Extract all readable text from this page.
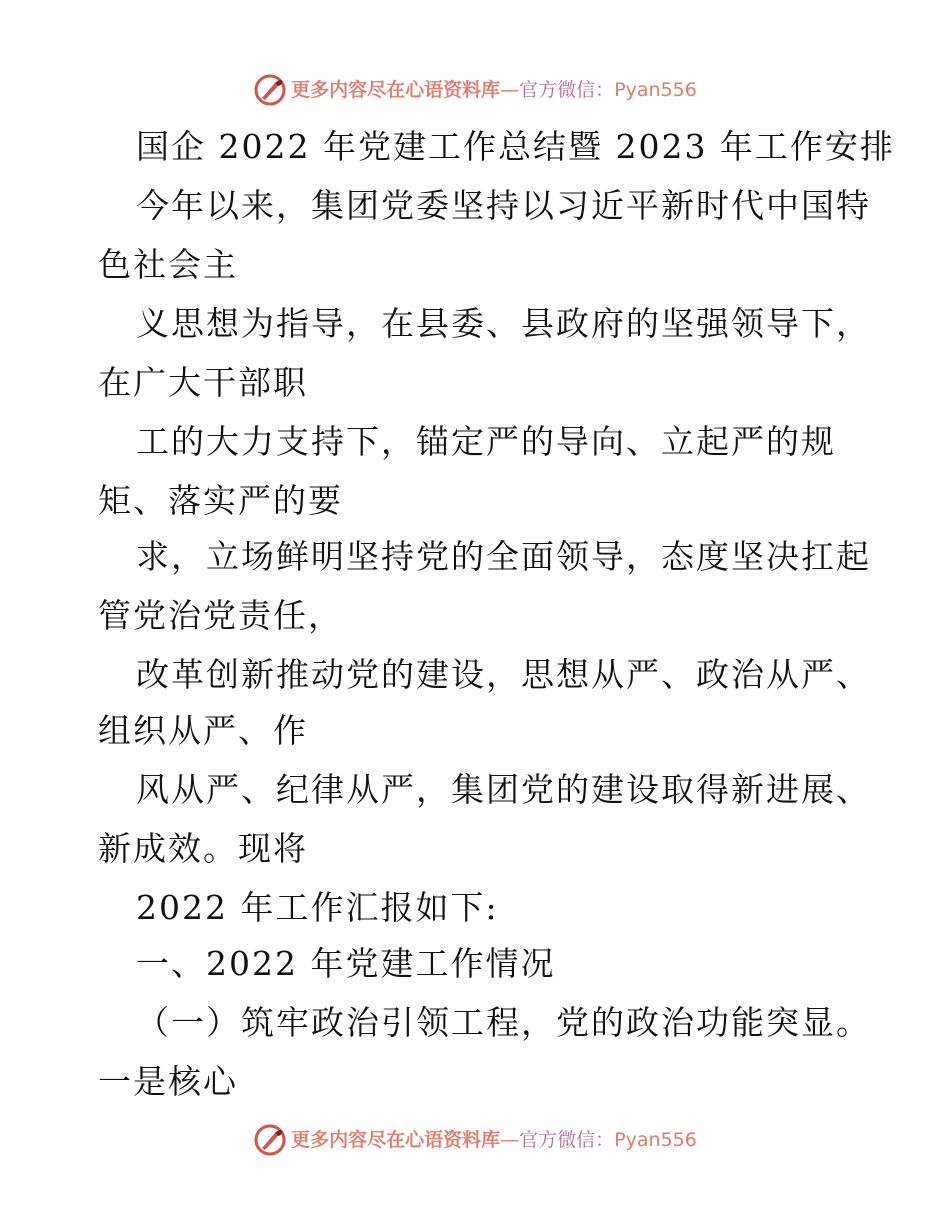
更多内容尽在心语资料库—官方微信：Pyan556
国企 2022 年党建工作总结暨 2023 年工作安排
今年以来，集团党委坚持以习近平新时代中国特
色社会主
义思想为指导，在县委、县政府的坚强领导下，
在广大干部职
工的大力支持下，锚定严的导向、立起严的规
矩、落实严的要
求，立场鲜明坚持党的全面领导，态度坚决扛起
管党治党责任，
改革创新推动党的建设，思想从严、政治从严、
组织从严、作
风从严、纪律从严，集团党的建设取得新进展、
新成效。现将
2022 年工作汇报如下:
一、2022 年党建工作情况
（一）筑牢政治引领工程，党的政治功能突显。
一是核心
更多内容尽在心语资料库—官方微信：Pyan556
